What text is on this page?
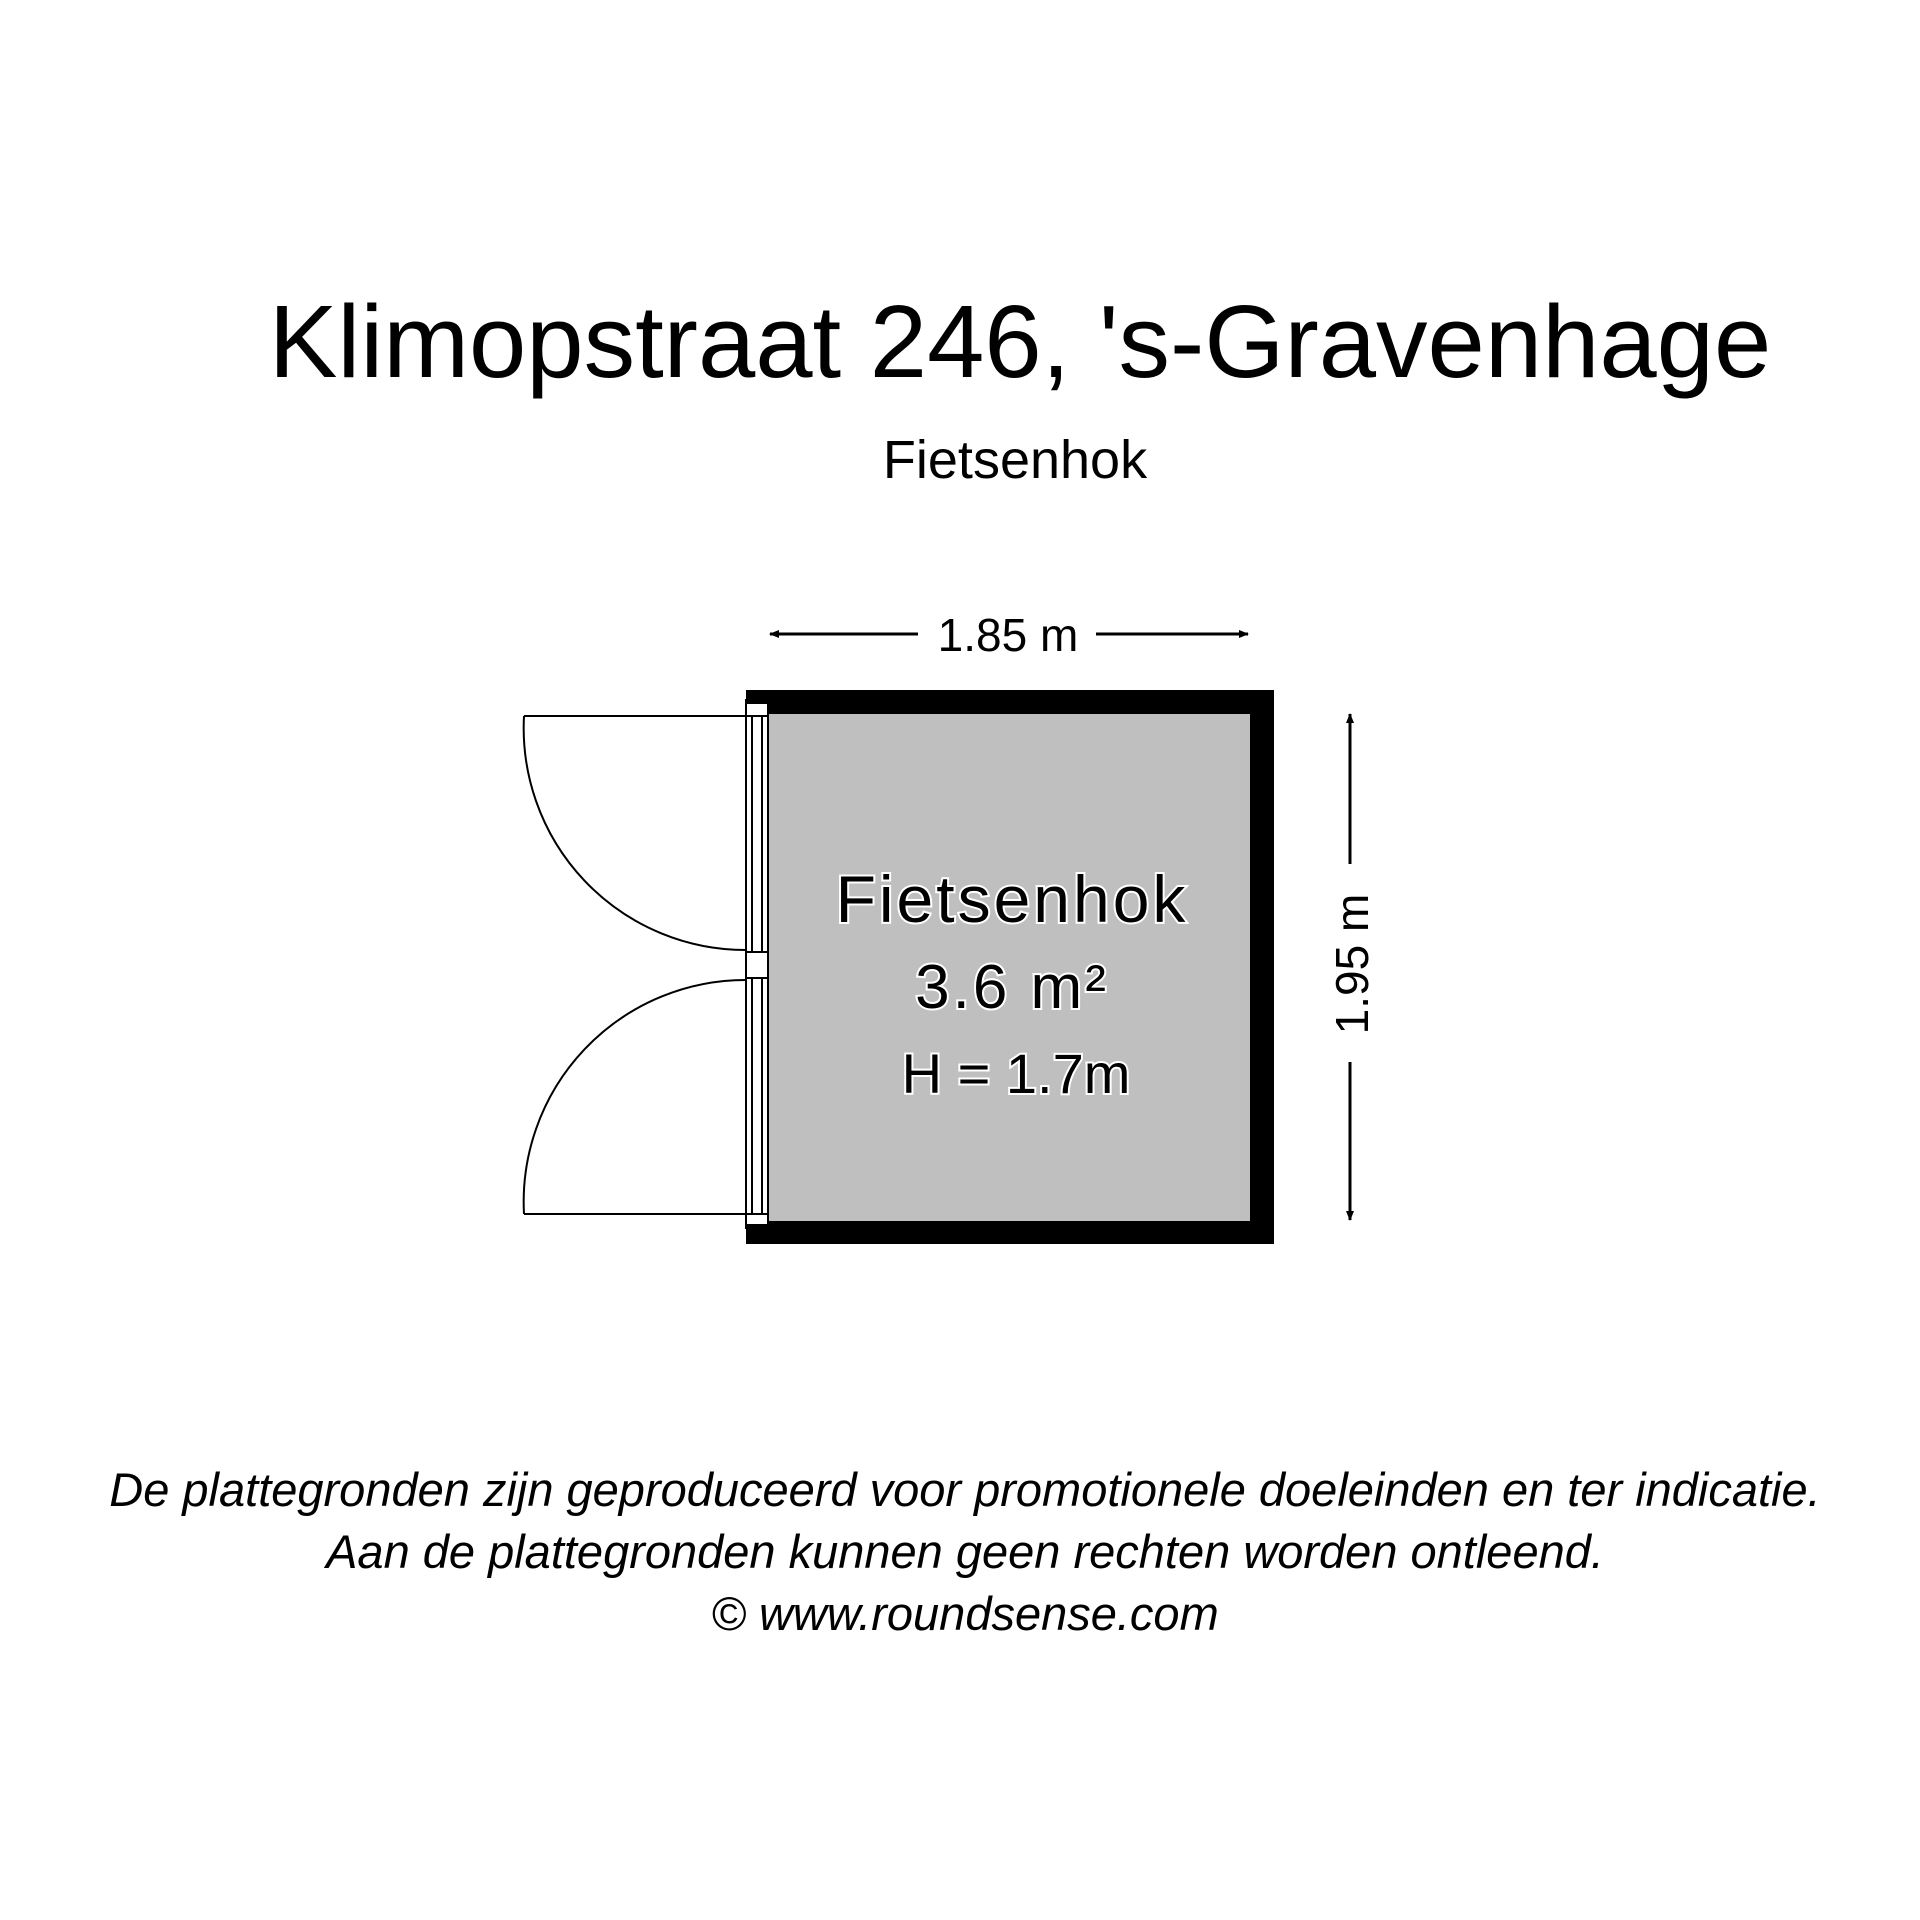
Klimopstraat 246, 's-Gravenhage
Fietsenhok
Fietsenhok
3.6 m²
H = 1.7m
1.85 m
1.95 m
De plattegronden zijn geproduceerd voor promotionele doeleinden en ter indicatie.
Aan de plattegronden kunnen geen rechten worden ontleend.
© www.roundsense.com
